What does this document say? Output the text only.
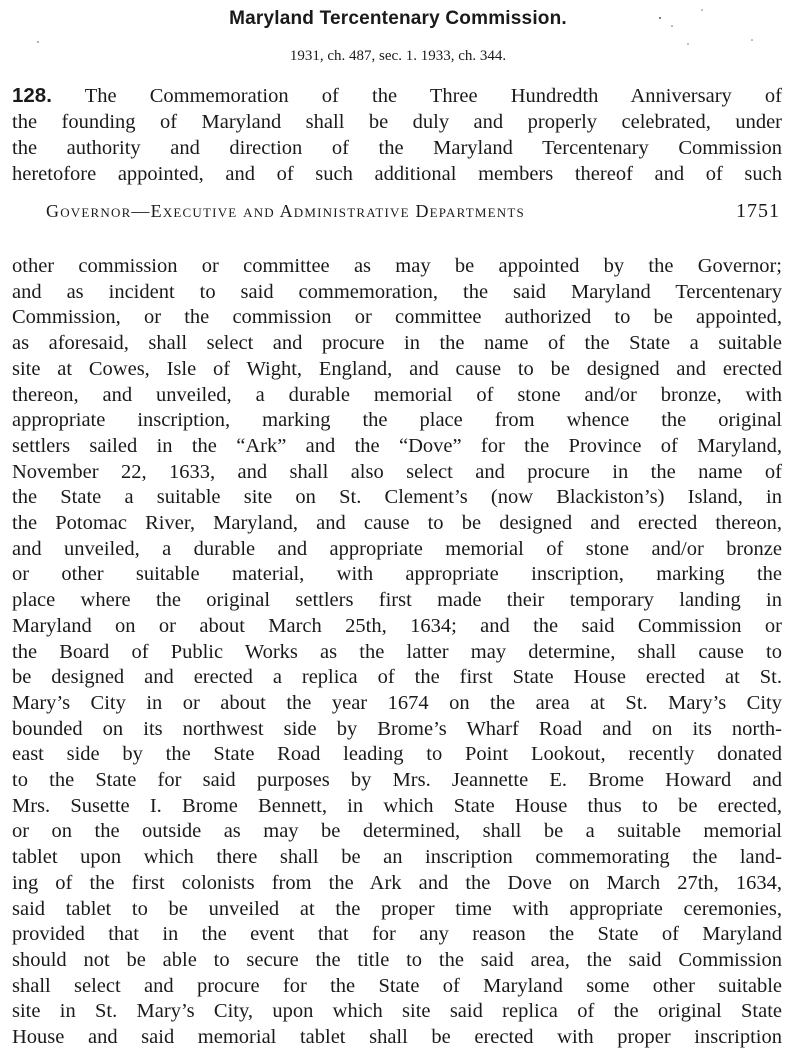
Maryland Tercentenary Commission.
1931, ch. 487, sec. 1. 1933, ch. 344.
128. The Commemoration of the Three Hundredth Anniversary of
the founding of Maryland shall be duly and properly celebrated, under
the authority and direction of the Maryland Tercentenary Commission
heretofore appointed, and of such additional members thereof and of such
Governor—Executive and Administrative Departments	1751
other commission or committee as may be appointed by the Governor;
and as incident to said commemoration, the said Maryland Tercentenary
Commission, or the commission or committee authorized to be appointed,
as aforesaid, shall select and procure in the name of the State a suitable
site at Cowes, Isle of Wight, England, and cause to be designed and erected
thereon, and unveiled, a durable memorial of stone and/or bronze, with
appropriate inscription, marking the place from whence the original
settlers sailed in the “Ark” and the “Dove” for the Province of Maryland,
November 22, 1633, and shall also select and procure in the name of
the State a suitable site on St. Clement’s (now Blackiston’s) Island, in
the Potomac River, Maryland, and cause to be designed and erected thereon,
and unveiled, a durable and appropriate memorial of stone and/or bronze
or other suitable material, with appropriate inscription, marking the
place where the original settlers first made their temporary landing in
Maryland on or about March 25th, 1634; and the said Commission or
the Board of Public Works as the latter may determine, shall cause to
be designed and erected a replica of the first State House erected at St.
Mary’s City in or about the year 1674 on the area at St. Mary’s City
bounded on its northwest side by Brome’s Wharf Road and on its north-
east side by the State Road leading to Point Lookout, recently donated
to the State for said purposes by Mrs. Jeannette E. Brome Howard and
Mrs. Susette I. Brome Bennett, in which State House thus to be erected,
or on the outside as may be determined, shall be a suitable memorial
tablet upon which there shall be an inscription commemorating the land-
ing of the first colonists from the Ark and the Dove on March 27th, 1634,
said tablet to be unveiled at the proper time with appropriate ceremonies,
provided that in the event that for any reason the State of Maryland
should not be able to secure the title to the said area, the said Commission
shall select and procure for the State of Maryland some other suitable
site in St. Mary’s City, upon which site said replica of the original State
House and said memorial tablet shall be erected with proper inscription
